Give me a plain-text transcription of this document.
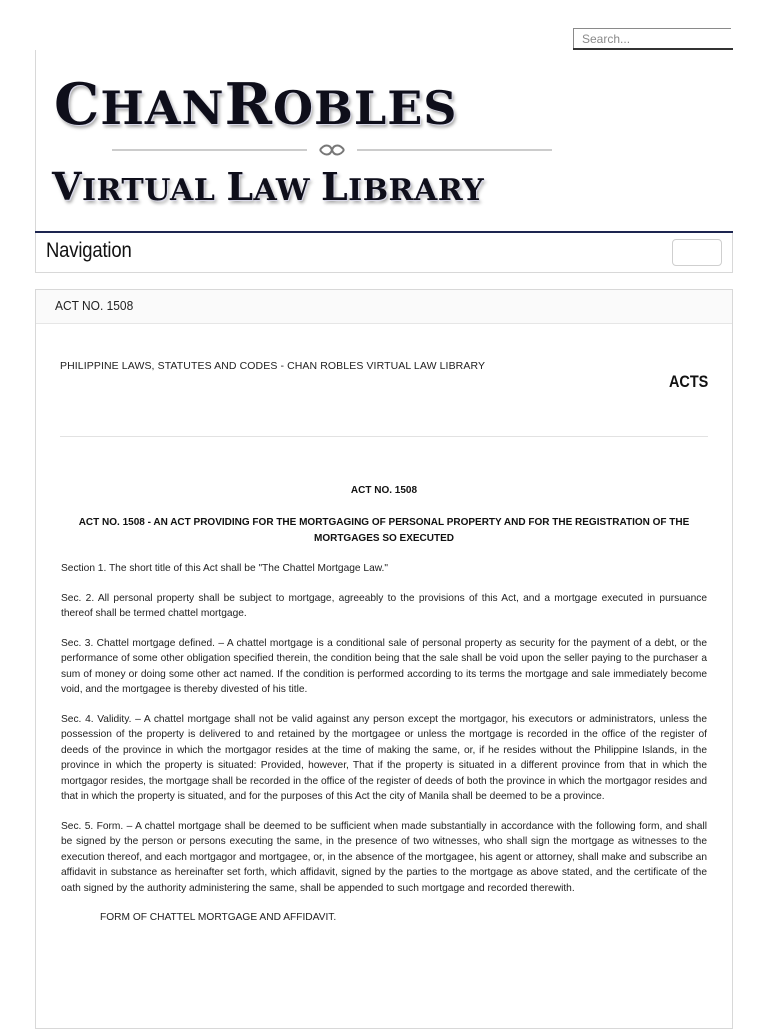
Search...
CHANROBLES
VIRTUAL LAW LIBRARY
Navigation
ACT NO. 1508
PHILIPPINE LAWS, STATUTES AND CODES - CHAN ROBLES VIRTUAL LAW LIBRARY
ACTS
ACT NO. 1508
ACT NO. 1508 - AN ACT PROVIDING FOR THE MORTGAGING OF PERSONAL PROPERTY AND FOR THE REGISTRATION OF THE MORTGAGES SO EXECUTED

Section 1. The short title of this Act shall be "The Chattel Mortgage Law."

Sec. 2. All personal property shall be subject to mortgage, agreeably to the provisions of this Act, and a mortgage executed in pursuance thereof shall be termed chattel mortgage.

Sec. 3. Chattel mortgage defined. – A chattel mortgage is a conditional sale of personal property as security for the payment of a debt, or the performance of some other obligation specified therein, the condition being that the sale shall be void upon the seller paying to the purchaser a sum of money or doing some other act named. If the condition is performed according to its terms the mortgage and sale immediately become void, and the mortgagee is thereby divested of his title.

Sec. 4. Validity. – A chattel mortgage shall not be valid against any person except the mortgagor, his executors or administrators, unless the possession of the property is delivered to and retained by the mortgagee or unless the mortgage is recorded in the office of the register of deeds of the province in which the mortgagor resides at the time of making the same, or, if he resides without the Philippine Islands, in the province in which the property is situated: Provided, however, That if the property is situated in a different province from that in which the mortgagor resides, the mortgage shall be recorded in the office of the register of deeds of both the province in which the mortgagor resides and that in which the property is situated, and for the purposes of this Act the city of Manila shall be deemed to be a province.

Sec. 5. Form. – A chattel mortgage shall be deemed to be sufficient when made substantially in accordance with the following form, and shall be signed by the person or persons executing the same, in the presence of two witnesses, who shall sign the mortgage as witnesses to the execution thereof, and each mortgagor and mortgagee, or, in the absence of the mortgagee, his agent or attorney, shall make and subscribe an affidavit in substance as hereinafter set forth, which affidavit, signed by the parties to the mortgage as above stated, and the certificate of the oath signed by the authority administering the same, shall be appended to such mortgage and recorded therewith.

FORM OF CHATTEL MORTGAGE AND AFFIDAVIT.
